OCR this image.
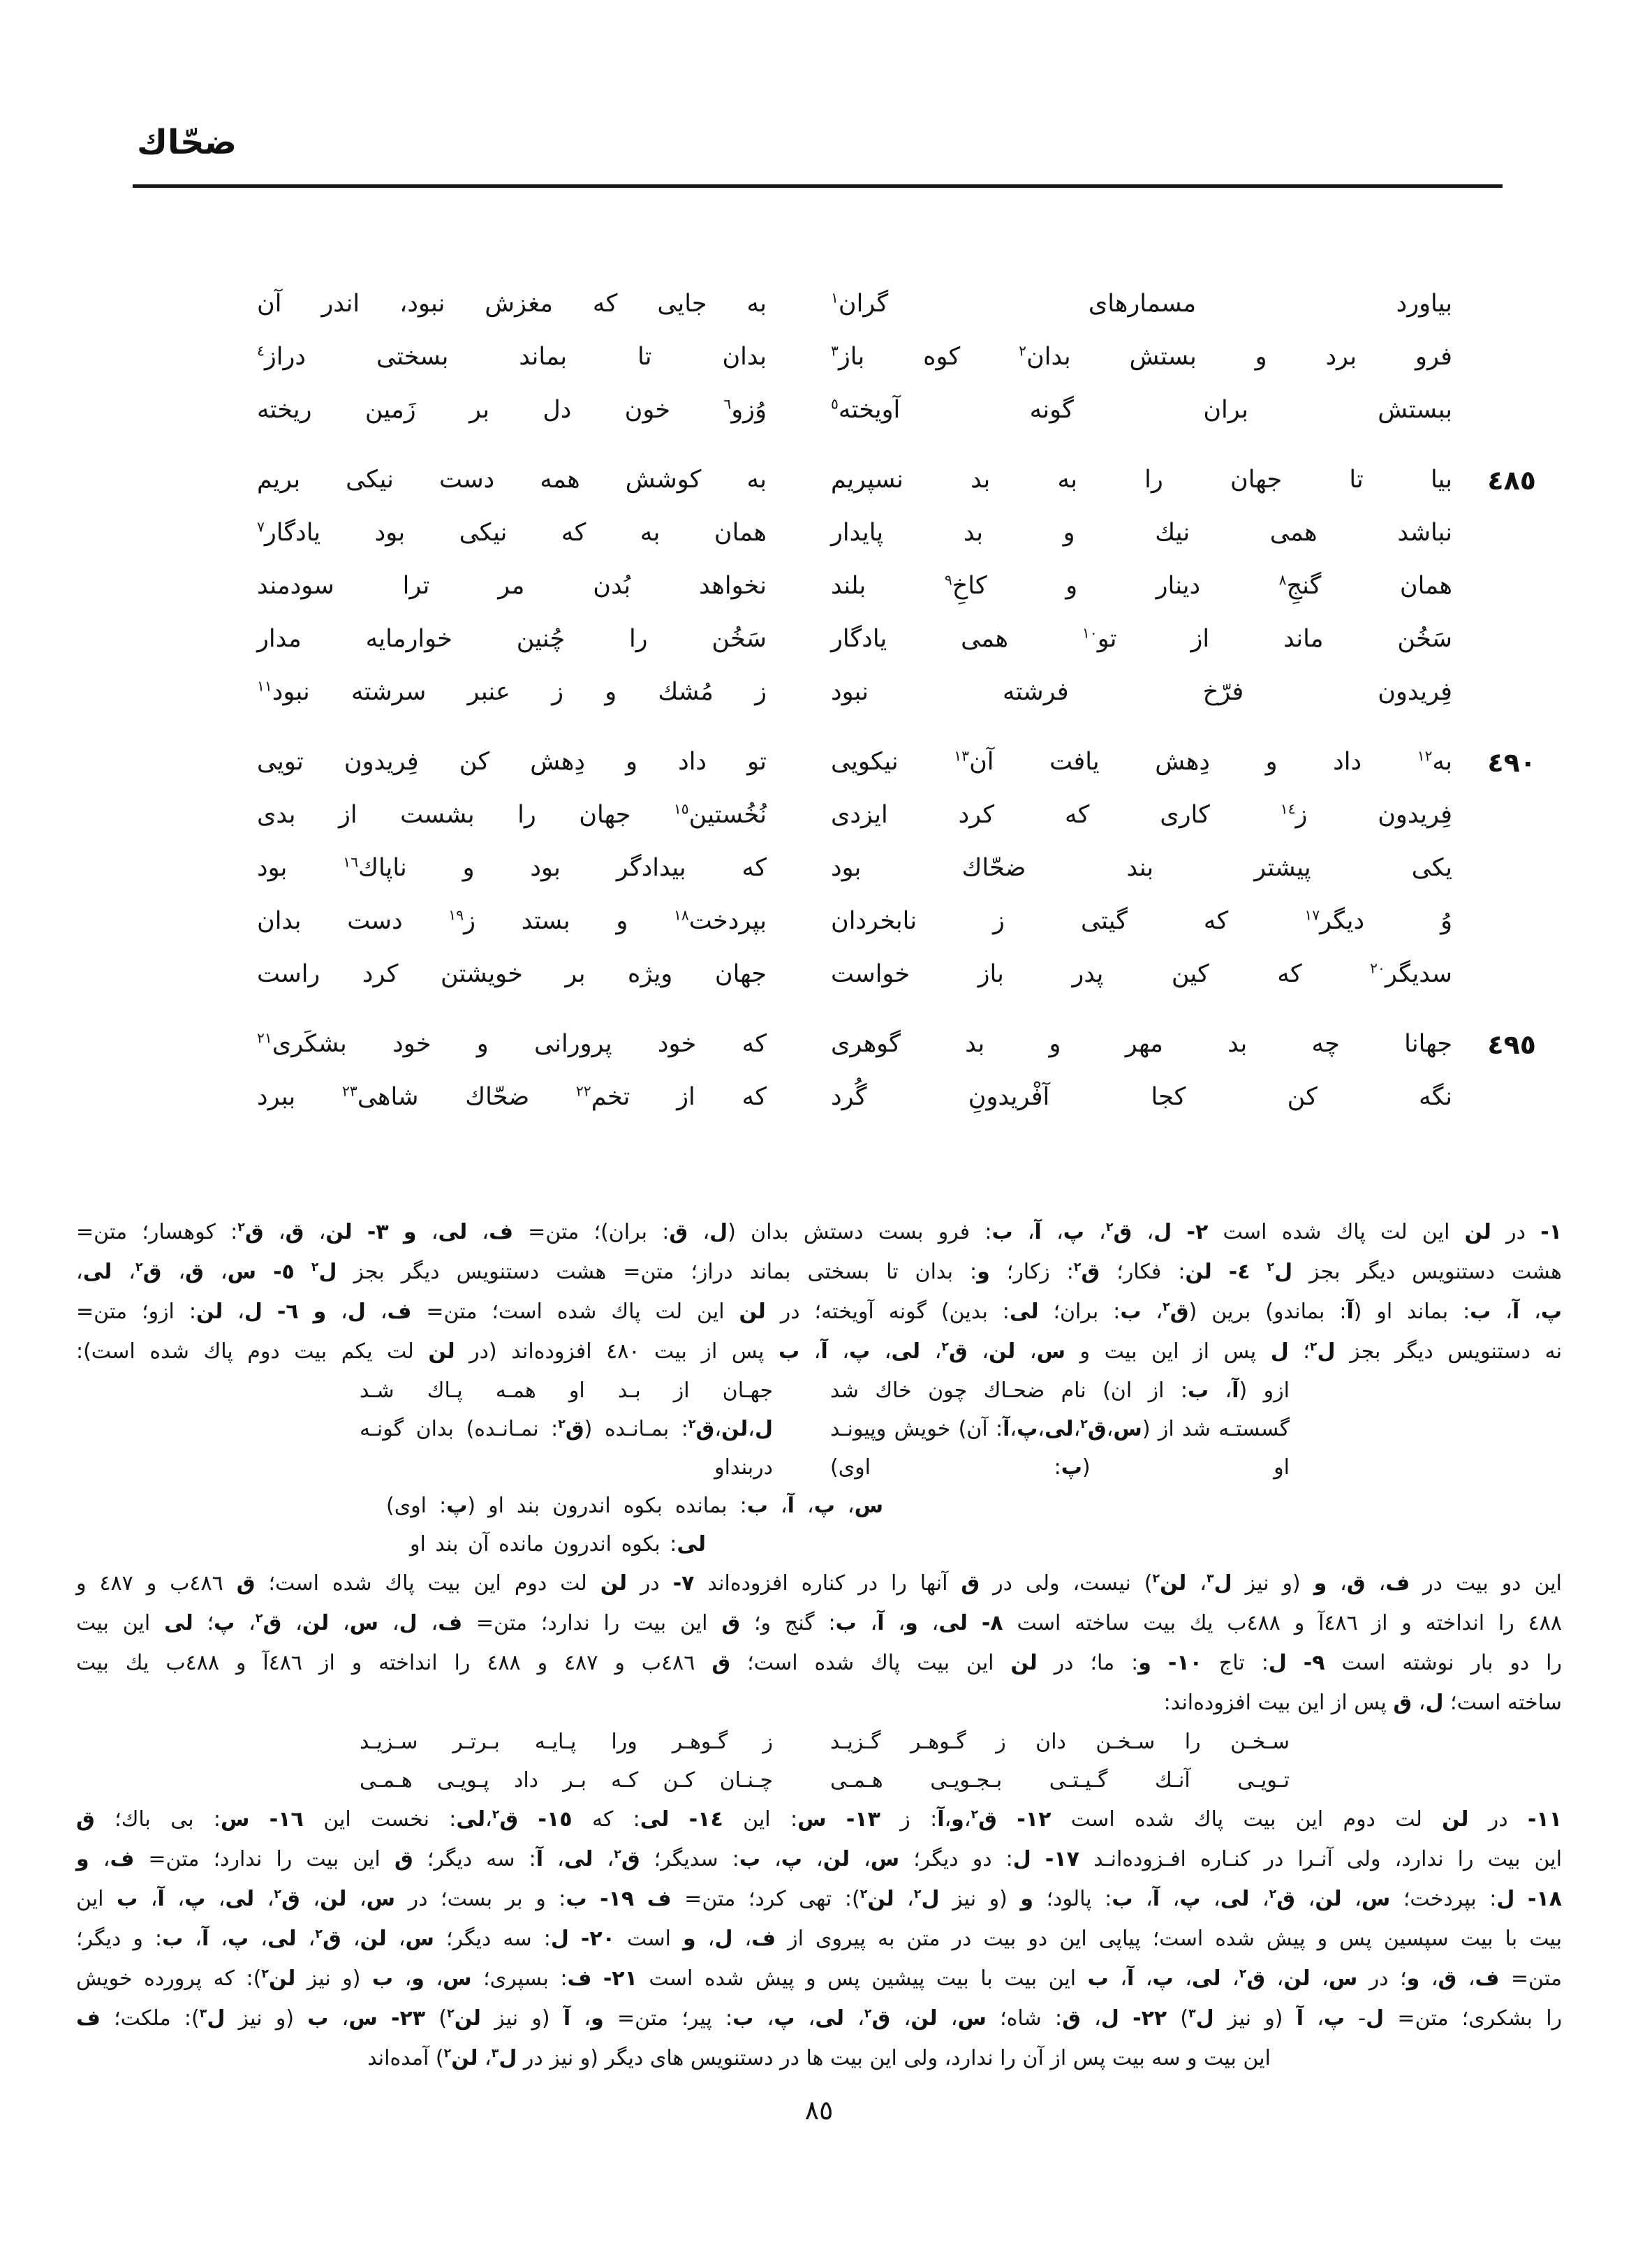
ضحّاك
بياورد مسمارهاى گران$^١$
به جايى كه مغزش نبود، اندر آن
فرو برد و بستش بدان$^٢$ كوه باز$^٣$
بدان تا بماند بسختى دراز$^٤$
ببستش بران گونه آويخته$^٥$
وُزو$^٦$ خون دل بر زَمين ريخته
٤٨٥
بيا تا جهان را به بد نسپريم
به كوشش همه دست نيكى بريم
نباشد همى نيك و بد پايدار
همان به كه نيكى بود يادگار$^٧$
همان گنجِ$^٨$ دينار و كاخِ$^٩$ بلند
نخواهد بُدن مر ترا سودمند
سَخُن ماند از تو$^{١٠}$ همى يادگار
سَخُن را چُنين خوارمايه مدار
فِريدون فرّخ فرشته نبود
ز مُشك و ز عنبر سرشته نبود$^{١١}$
٤٩٠
به$^{١٢}$ داد و دِهش يافت آن$^{١٣}$ نيكويى
تو داد و دِهش كن فِريدون تويى
فِريدون ز$^{١٤}$ كارى كه كرد ايزدى
نُخُستين$^{١٥}$ جهان را بشست از بدى
يكى پيشتر بند ضحّاك بود
كه بيدادگر بود و ناپاك$^{١٦}$ بود
وُ ديگر$^{١٧}$ كه گيتى ز نابخردان
بپردخت$^{١٨}$ و بستد ز$^{١٩}$ دست بدان
سديگر$^{٢٠}$ كه كين پدر باز خواست
جهان ويژه بر خويشتن كرد راست
٤٩٥
جهانا چه بد مهر و بد گوهرى
كه خود پرورانى و خود بشكَرى$^{٢١}$
نگه كن كجا آفْريدونِ گُرد
كه از تخم$^{٢٢}$ ضحّاك شاهى$^{٢٣}$ ببرد
١- در لن اين لت پاك شده است ٢- ل، ق$^٢$، پ، آ، ب: فرو بست دستش بدان (ل، ق: بران)؛ متن= ف، لى، و ٣- لن، ق، ق$^٢$: كوهسار؛ متن=
هشت دستنويس ديگر بجز ل$^٢$ ٤- لن: فكار؛ ق$^٢$: زكار؛ و: بدان تا بسختى بماند دراز؛ متن= هشت دستنويس ديگر بجز ل$^٢$ ٥- س، ق، ق$^٢$، لى،
پ، آ، ب: بماند او (آ: بماندو) برين (ق$^٢$، ب: بران؛ لى: بدين) گونه آويخته؛ در لن اين لت پاك شده است؛ متن= ف، ل، و ٦- ل، لن: ازو؛ متن=
نه دستنويس ديگر بجز ل$^٢$؛ ل پس از اين بيت و س، لن، ق$^٢$، لى، پ، آ، ب پس از بيت ٤٨٠ افزوده‌اند (در لن لت يكم بيت دوم پاك شده است):
ازو (آ، ب: از ان) نام ضحـاك چون خاك شد
جهـان از بـد او همـه پـاك شـد
گسستـه شد از (س،ق$^٢$،لى،پ،آ: آن) خويش وپيونـد او (پ: اوى)
ل،لن،ق$^٢$: بمـانـده (ق$^٢$: نمـانـده) بدان گونـه دربنداو
س، پ، آ، ب: بمانده بكوه اندرون بند او (پ: اوى)
لى: بكوه اندرون مانده آن بند او
اين دو بيت در ف، ق، و (و نيز ل$^٣$، لن$^٢$) نيست، ولى در ق آنها را در كناره افزوده‌اند ٧- در لن لت دوم اين بيت پاك شده است؛ ق ٤٨٦ب و ٤٨٧ و
٤٨٨ را انداخته و از ٤٨٦آ و ٤٨٨ب يك بيت ساخته است ٨- لى، و، آ، ب: گنج و؛ ق اين بيت را ندارد؛ متن= ف، ل، س، لن، ق$^٢$، پ؛ لى اين بيت
را دو بار نوشته است ٩- ل: تاج ١٠- و: ما؛ در لن اين بيت پاك شده است؛ ق ٤٨٦ب و ٤٨٧ و ٤٨٨ را انداخته و از ٤٨٦آ و ٤٨٨ب يك بيت
ساخته است؛ ل، ق پس از اين بيت افزوده‌اند:
سـخـن را سـخـن دان ز گـوهـر گـزيـد
ز گـوهـر ورا پـايـه بـرتـر سـزيـد
تـويـى آنـك گـيـتـى بـجـويـى هـمـى
چـنـان كـن كـه بـر داد پـويـى هـمـى
١١- در لن لت دوم اين بيت پاك شده است ١٢- ق$^٢$،و،آ: ز ١٣- س: اين ١٤- لى: كه ١٥- ق$^٢$،لى: نخست اين ١٦- س: بى باك؛ ق
اين بيت را ندارد، ولى آنـرا در كنـاره افـزوده‌انـد ١٧- ل: دو ديگر؛ س، لن، پ، ب: سديگر؛ ق$^٢$، لى، آ: سه ديگر؛ ق اين بيت را ندارد؛ متن= ف، و
١٨- ل: بپردخت؛ س، لن، ق$^٢$، لى، پ، آ، ب: پالود؛ و (و نيز ل$^٢$، لن$^٢$): تهى كرد؛ متن= ف ١٩- ب: و بر بست؛ در س، لن، ق$^٢$، لى، پ، آ، ب اين
بيت با بيت سپسين پس و پيش شده است؛ پياپى اين دو بيت در متن به پيروى از ف، ل، و است ٢٠- ل: سه ديگر؛ س، لن، ق$^٢$، لى، پ، آ، ب: و ديگر؛
متن= ف، ق، و؛ در س، لن، ق$^٢$، لى، پ، آ، ب اين بيت با بيت پيشين پس و پيش شده است ٢١- ف: بسپرى؛ س، و، ب (و نيز لن$^٢$): كه پرورده خويش
را بشكرى؛ متن= ل- پ، آ (و نيز ل$^٣$) ٢٢- ل، ق: شاه؛ س، لن، ق$^٢$، لى، پ، ب: پير؛ متن= و، آ (و نيز لن$^٢$) ٢٣- س، ب (و نيز ل$^٣$): ملكت؛ ف
اين بيت و سه بيت پس از آن را ندارد، ولى اين بيت ها در دستنويس هاى ديگر (و نيز در ل$^٣$، لن$^٢$) آمده‌اند
٨٥
